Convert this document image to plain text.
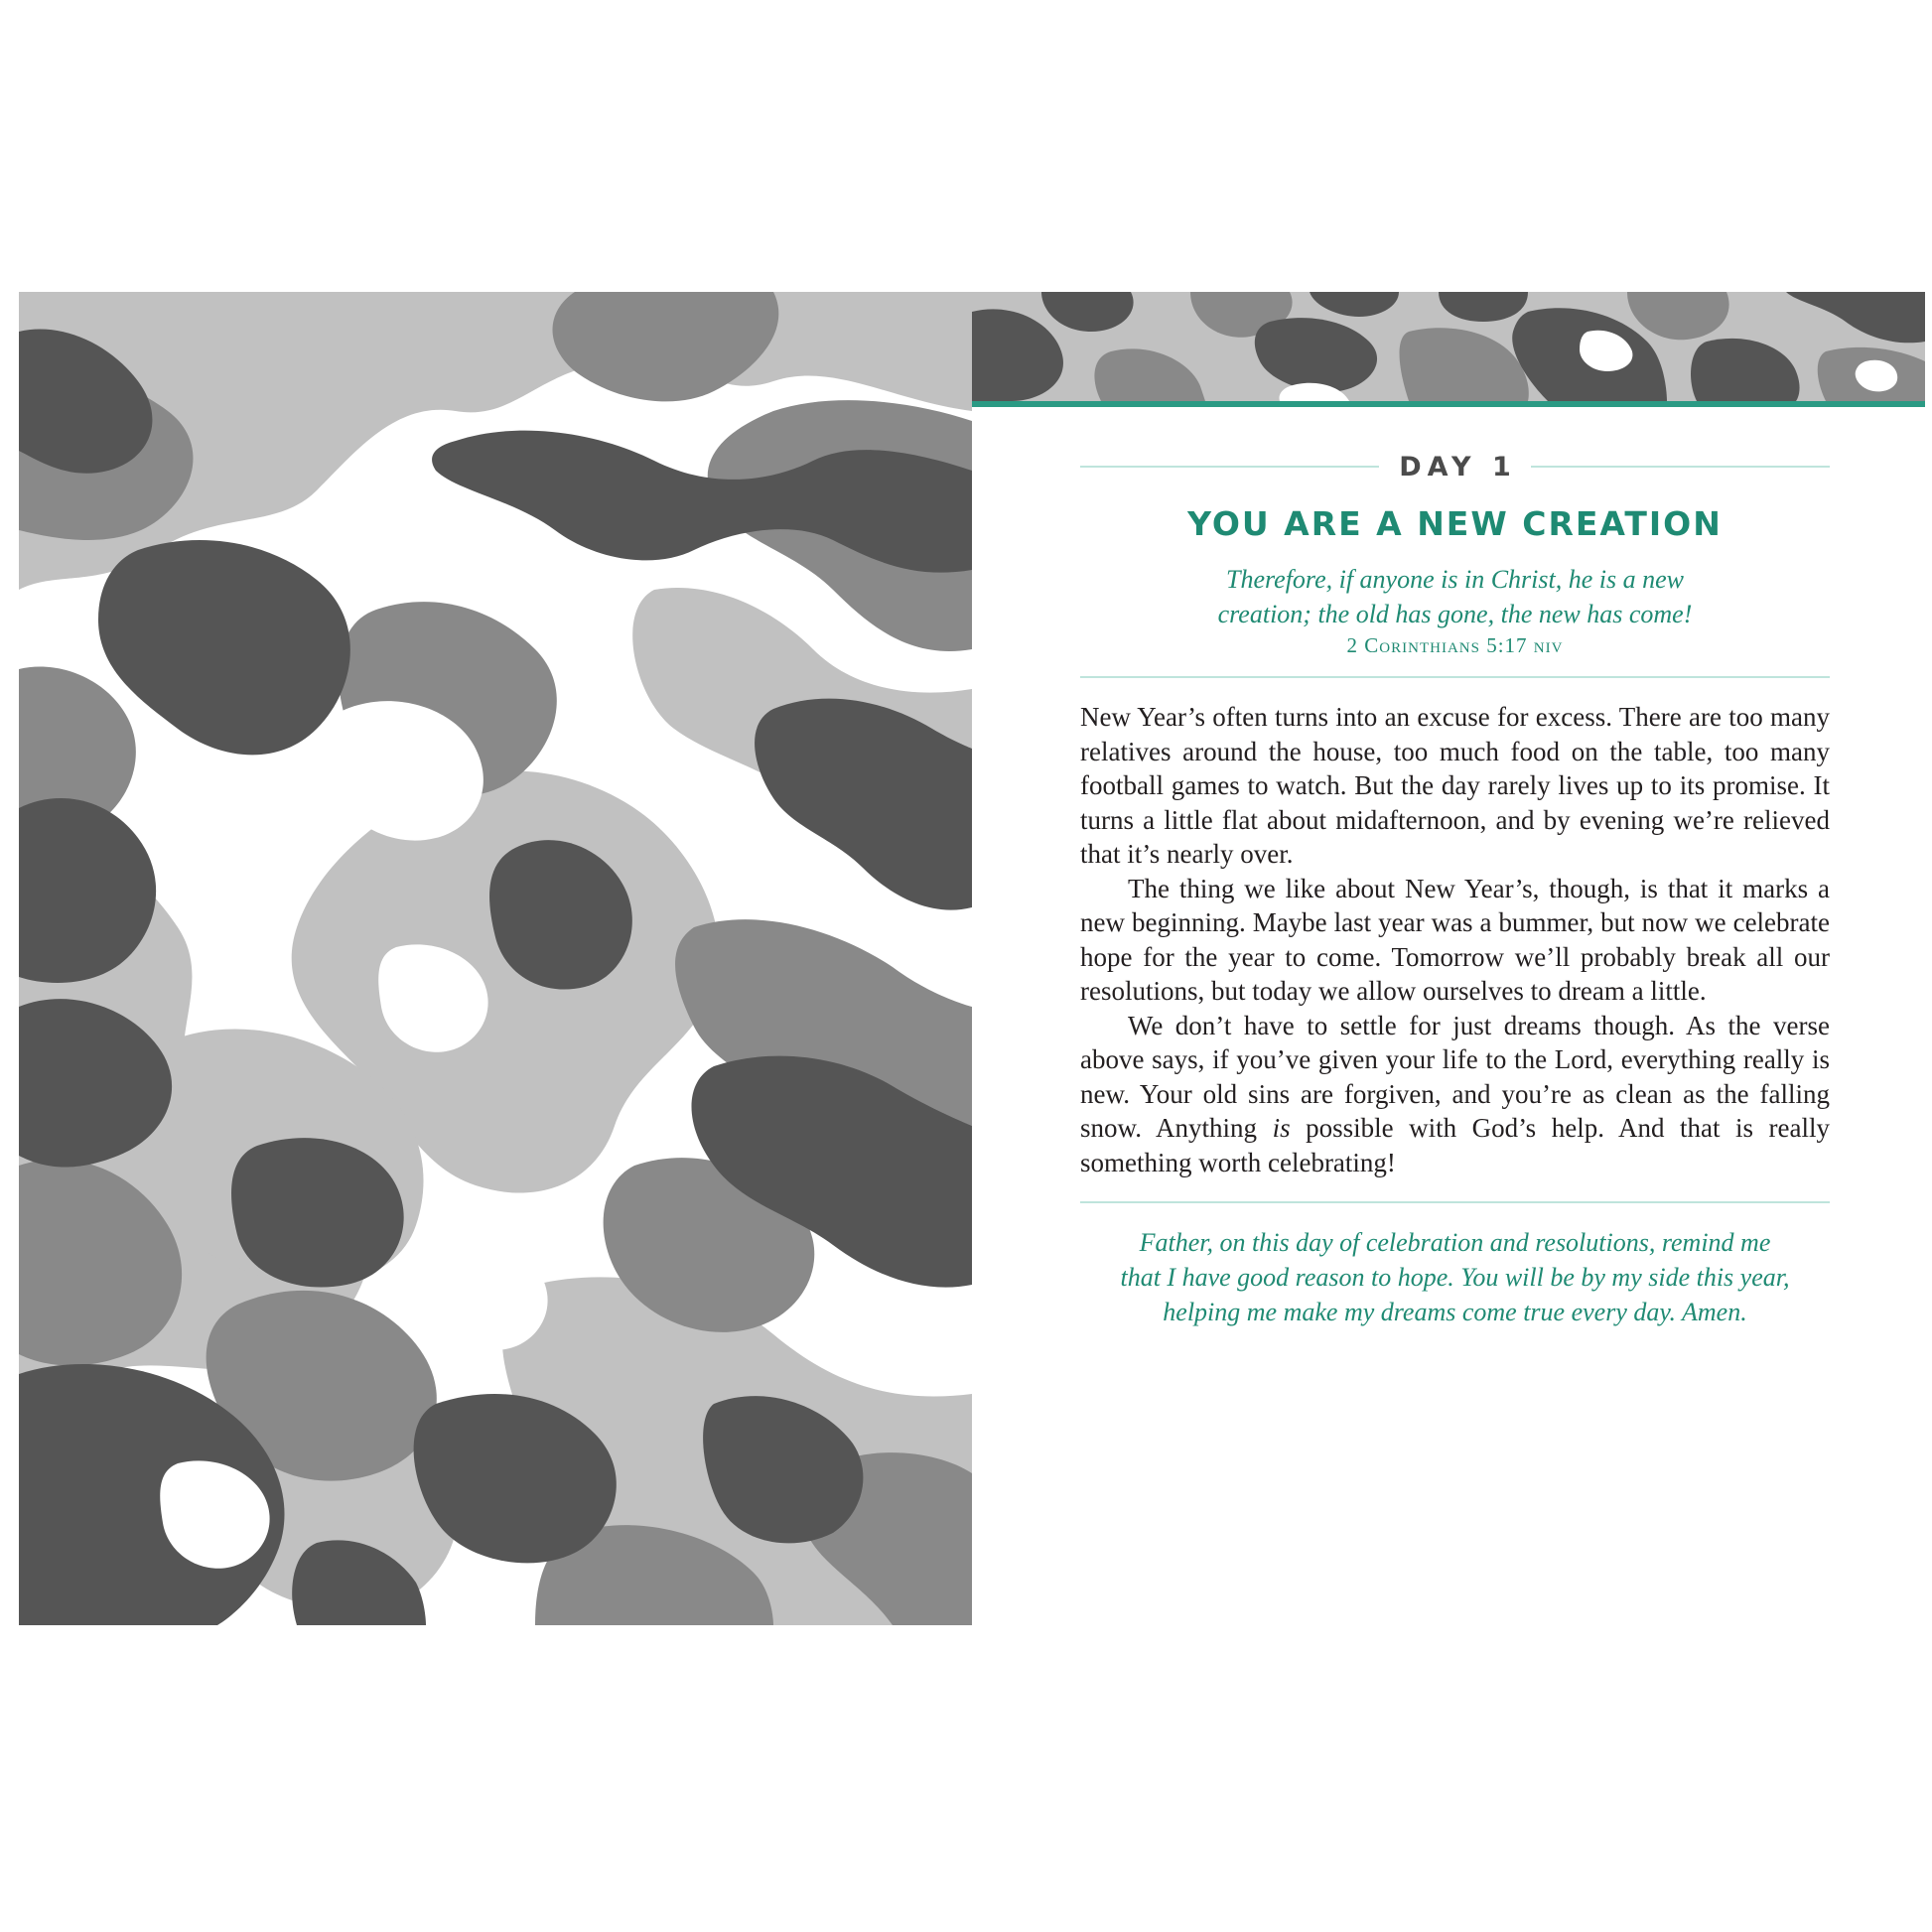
DAY 1
YOU ARE A NEW CREATION
Therefore, if anyone is in Christ, he is a new
creation; the old has gone, the new has come!
2 Corinthians 5:17 niv

New Year’s often turns into an excuse for excess. There are too many relatives around the house, too much food on the table, too many football games to watch. But the day rarely lives up to its promise. It turns a little flat about midafternoon, and by evening we’re relieved that it’s nearly over.

The thing we like about New Year’s, though, is that it marks a new beginning. Maybe last year was a bummer, but now we celebrate hope for the year to come. Tomorrow we’ll probably break all our resolutions, but today we allow ourselves to dream a little.

We don’t have to settle for just dreams though. As the verse above says, if you’ve given your life to the Lord, everything really is new. Your old sins are forgiven, and you’re as clean as the falling snow. Anything is possible with God’s help. And that is really something worth celebrating!

Father, on this day of celebration and resolutions, remind me
that I have good reason to hope. You will be by my side this year,
helping me make my dreams come true every day. Amen.
